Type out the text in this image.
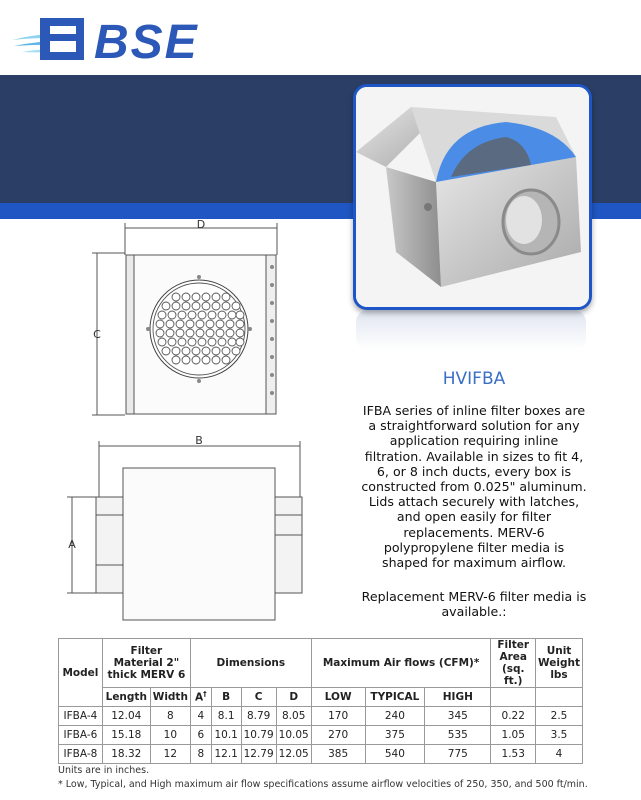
BSE
D
C
B
A
HVIFBA
IFBA series of inline filter boxes are a straightforward solution for any application requiring inline filtration. Available in sizes to fit 4, 6, or 8 inch ducts, every box is constructed from 0.025" aluminum. Lids attach securely with latches, and open easily for filter replacements. MERV-6 polypropylene filter media is shaped for maximum airflow.
Replacement MERV-6 filter media is available.:
Model	Filter Material 2" thick MERV 6		Dimensions				Maximum Air flows (CFM)*			Filter Area (sq. ft.)	Unit Weight lbs
	Length	Width	A†	B	C	D	LOW	TYPICAL	HIGH		
IFBA-4	12.04	8	4	8.1	8.79	8.05	170	240	345	0.22	2.5
IFBA-6	15.18	10	6	10.1	10.79	10.05	270	375	535	1.05	3.5
IFBA-8	18.32	12	8	12.1	12.79	12.05	385	540	775	1.53	4
Units are in inches.
* Low, Typical, and High maximum air flow specifications assume airflow velocities of 250, 350, and 500 ft/min.
